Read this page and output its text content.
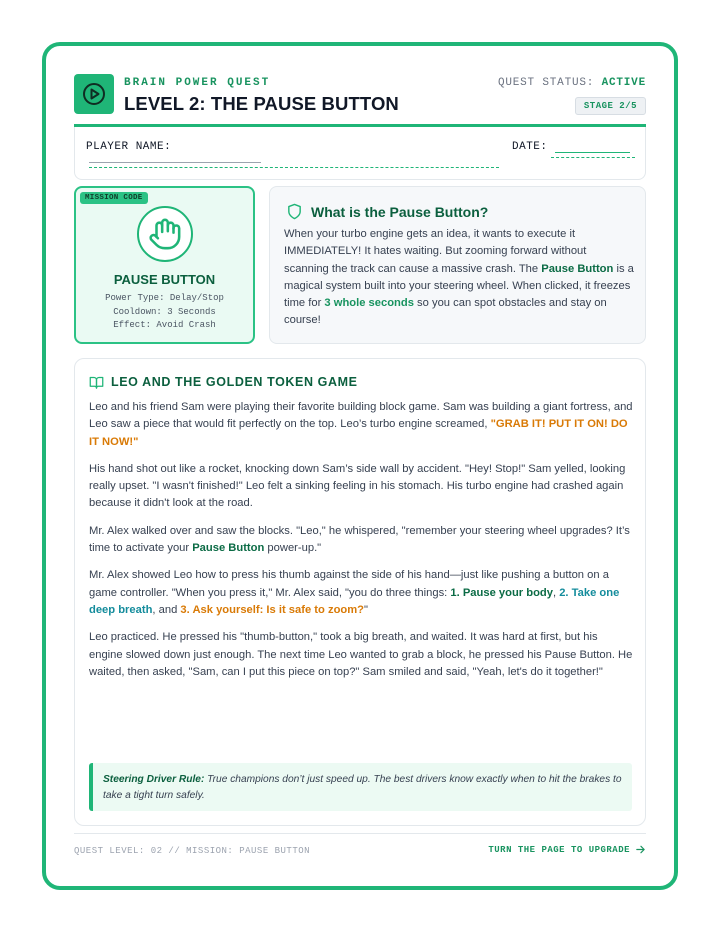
BRAIN POWER QUEST
LEVEL 2: THE PAUSE BUTTON
QUEST STATUS: ACTIVE
STAGE 2/5
PLAYER NAME:	DATE:
MISSION CODE
PAUSE BUTTON
Power Type: Delay/Stop
Cooldown: 3 Seconds
Effect: Avoid Crash
What is the Pause Button?
When your turbo engine gets an idea, it wants to execute it IMMEDIATELY! It hates waiting. But zooming forward without scanning the track can cause a massive crash. The Pause Button is a magical system built into your steering wheel. When clicked, it freezes time for 3 whole seconds so you can spot obstacles and stay on course!
LEO AND THE GOLDEN TOKEN GAME

Leo and his friend Sam were playing their favorite building block game. Sam was building a giant fortress, and Leo saw a piece that would fit perfectly on the top. Leo’s turbo engine screamed, "GRAB IT! PUT IT ON! DO IT NOW!"

His hand shot out like a rocket, knocking down Sam’s side wall by accident. "Hey! Stop!" Sam yelled, looking really upset. "I wasn't finished!" Leo felt a sinking feeling in his stomach. His turbo engine had crashed again because it didn't look at the road.

Mr. Alex walked over and saw the blocks. "Leo," he whispered, "remember your steering wheel upgrades? It’s time to activate your Pause Button power-up."

Mr. Alex showed Leo how to press his thumb against the side of his hand—just like pushing a button on a game controller. "When you press it," Mr. Alex said, "you do three things: 1. Pause your body, 2. Take one deep breath, and 3. Ask yourself: Is it safe to zoom?"

Leo practiced. He pressed his "thumb-button," took a big breath, and waited. It was hard at first, but his engine slowed down just enough. The next time Leo wanted to grab a block, he pressed his Pause Button. He waited, then asked, "Sam, can I put this piece on top?" Sam smiled and said, "Yeah, let's do it together!"

Steering Driver Rule: True champions don’t just speed up. The best drivers know exactly when to hit the brakes to take a tight turn safely.
QUEST LEVEL: 02 // MISSION: PAUSE BUTTON	TURN THE PAGE TO UPGRADE
